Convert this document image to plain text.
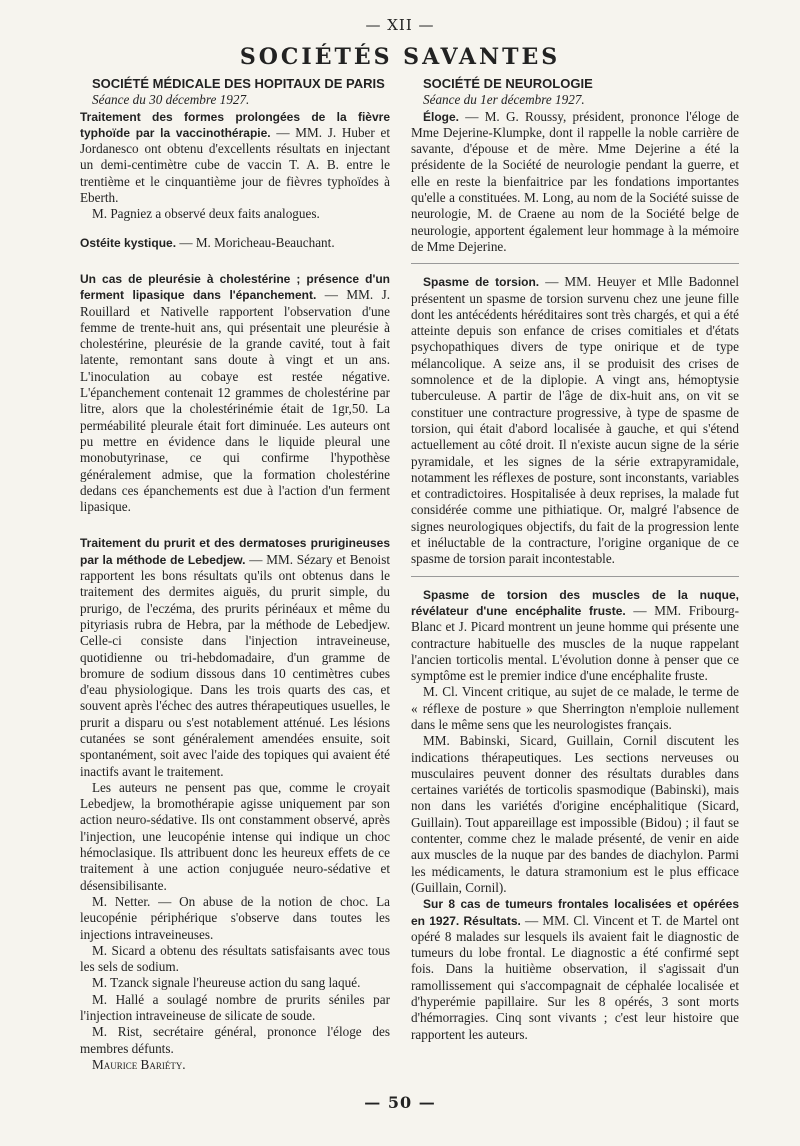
— XII —
SOCIÉTÉS SAVANTES

SOCIÉTÉ MÉDICALE DES HOPITAUX DE PARIS

Séance du 30 décembre 1927.

Traitement des formes prolongées de la fièvre typhoïde par la vaccinothérapie. — MM. J. Huber et Jordanesco ont obtenu d'excellents résultats en injectant un demi-centimètre cube de vaccin T. A. B. entre le trentième et le cinquantième jour de fièvres typhoïdes à Eberth.

M. Pagniez a observé deux faits analogues.

Ostéite kystique. — M. Moricheau-Beauchant.

Un cas de pleurésie à cholestérine ; présence d'un ferment lipasique dans l'épanchement. — MM. J. Rouillard et Nativelle rapportent l'observation d'une femme de trente-huit ans, qui présentait une pleurésie à cholestérine, pleurésie de la grande cavité, tout à fait latente, remontant sans doute à vingt et un ans. L'inoculation au cobaye est restée négative. L'épanchement contenait 12 grammes de cholestérine par litre, alors que la cholestérinémie était de 1gr,50. La perméabilité pleurale était fort diminuée. Les auteurs ont pu mettre en évidence dans le liquide pleural une monobutyrinase, ce qui confirme l'hypothèse généralement admise, que la formation cholestérine dedans ces épanchements est due à l'action d'un ferment lipasique.

Traitement du prurit et des dermatoses prurigineuses par la méthode de Lebedjew. — MM. Sézary et Benoist rapportent les bons résultats qu'ils ont obtenus dans le traitement des dermites aiguës, du prurit simple, du prurigo, de l'eczéma, des prurits périnéaux et même du pityriasis rubra de Hebra, par la méthode de Lebedjew. Celle-ci consiste dans l'injection intraveineuse, quotidienne ou tri-hebdomadaire, d'un gramme de bromure de sodium dissous dans 10 centimètres cubes d'eau physiologique. Dans les trois quarts des cas, et souvent après l'échec des autres thérapeutiques usuelles, le prurit a disparu ou s'est notablement atténué. Les lésions cutanées se sont généralement amendées ensuite, soit spontanément, soit avec l'aide des topiques qui avaient été inactifs avant le traitement.

Les auteurs ne pensent pas que, comme le croyait Lebedjew, la bromothérapie agisse uniquement par son action neuro-sédative. Ils ont constamment observé, après l'injection, une leucopénie intense qui indique un choc hémoclasique. Ils attribuent donc les heureux effets de ce traitement à une action conjuguée neuro-sédative et désensibilisante.

M. Netter. — On abuse de la notion de choc. La leucopénie périphérique s'observe dans toutes les injections intraveineuses.

M. Sicard a obtenu des résultats satisfaisants avec tous les sels de sodium.

M. Tzanck signale l'heureuse action du sang laqué.

M. Hallé a soulagé nombre de prurits séniles par l'injection intraveineuse de silicate de soude.

M. Rist, secrétaire général, prononce l'éloge des membres défunts.

Maurice Bariéty.

SOCIÉTÉ DE NEUROLOGIE

Séance du 1er décembre 1927.

Éloge. — M. G. Roussy, président, prononce l'éloge de Mme Dejerine-Klumpke, dont il rappelle la noble carrière de savante, d'épouse et de mère. Mme Dejerine a été la présidente de la Société de neurologie pendant la guerre, et elle en reste la bienfaitrice par les fondations importantes qu'elle a constituées. M. Long, au nom de la Société suisse de neurologie, M. de Craene au nom de la Société belge de neurologie, apportent également leur hommage à la mémoire de Mme Dejerine.

Spasme de torsion. — MM. Heuyer et Mlle Badonnel présentent un spasme de torsion survenu chez une jeune fille dont les antécédents héréditaires sont très chargés, et qui a été atteinte depuis son enfance de crises comitiales et d'états psychopathiques divers de type onirique et de type mélancolique. A seize ans, il se produisit des crises de somnolence et de la diplopie. A vingt ans, hémoptysie tuberculeuse. A partir de l'âge de dix-huit ans, on vit se constituer une contracture progressive, à type de spasme de torsion, qui était d'abord localisée à gauche, et qui s'étend actuellement au côté droit. Il n'existe aucun signe de la série pyramidale, et les signes de la série extrapyramidale, notamment les réflexes de posture, sont inconstants, variables et contradictoires. Hospitalisée à deux reprises, la malade fut considérée comme une pithiatique. Or, malgré l'absence de signes neurologiques objectifs, du fait de la progression lente et inéluctable de la contracture, l'origine organique de ce spasme de torsion parait incontestable.

Spasme de torsion des muscles de la nuque, révélateur d'une encéphalite fruste. — MM. Fribourg-Blanc et J. Picard montrent un jeune homme qui présente une contracture habituelle des muscles de la nuque rappelant l'ancien torticolis mental. L'évolution donne à penser que ce symptôme est le premier indice d'une encéphalite fruste.

M. Cl. Vincent critique, au sujet de ce malade, le terme de « réflexe de posture » que Sherrington n'emploie nullement dans le même sens que les neurologistes français.

MM. Babinski, Sicard, Guillain, Cornil discutent les indications thérapeutiques. Les sections nerveuses ou musculaires peuvent donner des résultats durables dans certaines variétés de torticolis spasmodique (Babinski), mais non dans les variétés d'origine encéphalitique (Sicard, Guillain). Tout appareillage est impossible (Bidou) ; il faut se contenter, comme chez le malade présenté, de venir en aide aux muscles de la nuque par des bandes de diachylon. Parmi les médicaments, le datura stramonium est le plus efficace (Guillain, Cornil).

Sur 8 cas de tumeurs frontales localisées et opérées en 1927. Résultats. — MM. Cl. Vincent et T. de Martel ont opéré 8 malades sur lesquels ils avaient fait le diagnostic de tumeurs du lobe frontal. Le diagnostic a été confirmé sept fois. Dans la huitième observation, il s'agissait d'un ramollissement qui s'accompagnait de céphalée localisée et d'hyperémie papillaire. Sur les 8 opérés, 3 sont morts d'hémorragies. Cinq sont vivants ; c'est leur histoire que rapportent les auteurs.

— 50 —
